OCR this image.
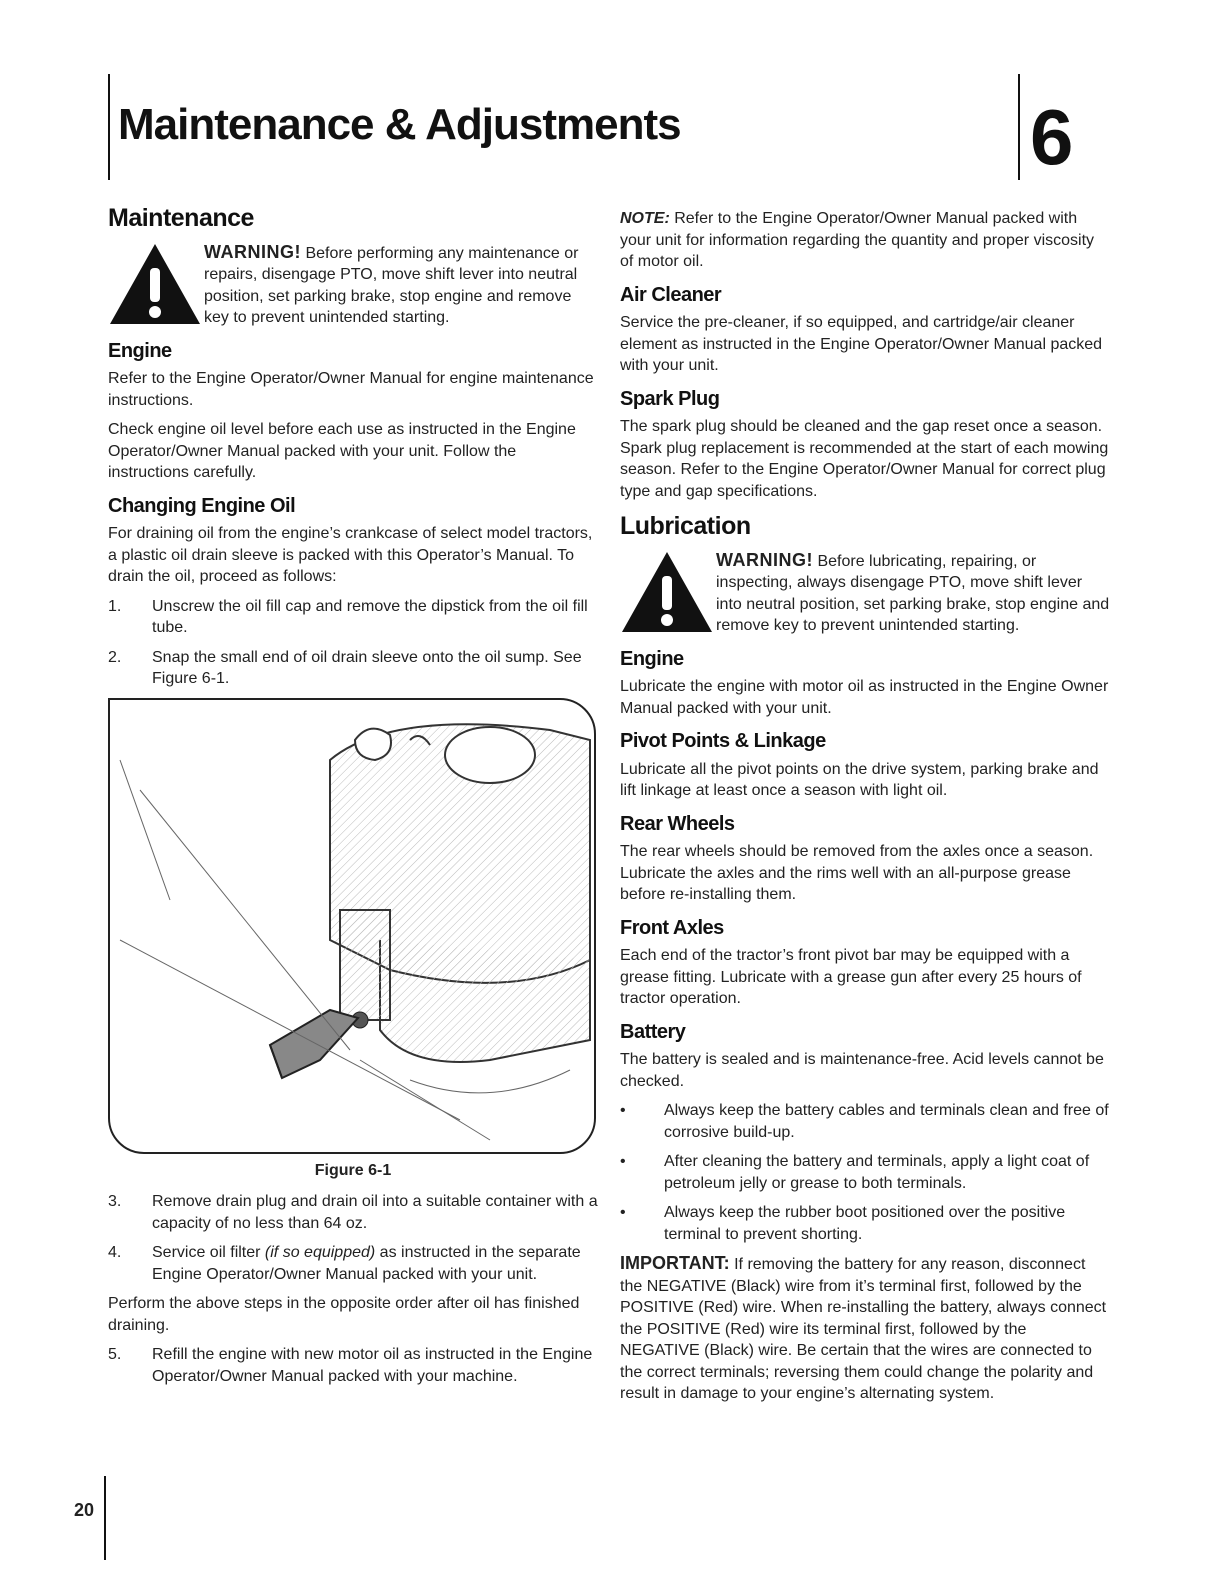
Maintenance & Adjustments	6
Maintenance
WARNING! Before performing any maintenance or repairs, disengage PTO, move shift lever into neutral position, set parking brake, stop engine and remove key to prevent unintended starting.
Engine

Refer to the Engine Operator/Owner Manual for engine maintenance instructions.

Check engine oil level before each use as instructed in the Engine Operator/Owner Manual packed with your unit. Follow the instructions carefully.

Changing Engine Oil

For draining oil from the engine’s crankcase of select model tractors, a plastic oil drain sleeve is packed with this Operator’s Manual. To drain the oil, proceed as follows:

1.	Unscrew the oil fill cap and remove the dipstick from the oil fill tube.
2.	Snap the small end of oil drain sleeve onto the oil sump. See Figure 6-1.
Figure 6-1
3.	Remove drain plug and drain oil into a suitable container with a capacity of no less than 64 oz.
4.	Service oil filter (if so equipped) as instructed in the separate Engine Operator/Owner Manual packed with your unit.

Perform the above steps in the opposite order after oil has finished draining.

5.	Refill the engine with new motor oil as instructed in the Engine Operator/Owner Manual packed with your machine.

NOTE: Refer to the Engine Operator/Owner Manual packed with your unit for information regarding the quantity and proper viscosity of motor oil.

Air Cleaner

Service the pre-cleaner, if so equipped, and cartridge/air cleaner element as instructed in the Engine Operator/Owner Manual packed with your unit.

Spark Plug

The spark plug should be cleaned and the gap reset once a season. Spark plug replacement is recommended at the start of each mowing season. Refer to the Engine Operator/Owner Manual for correct plug type and gap specifications.

Lubrication
WARNING! Before lubricating, repairing, or inspecting, always disengage PTO, move shift lever into neutral position, set parking brake, stop engine and remove key to prevent unintended starting.
Engine

Lubricate the engine with motor oil as instructed in the Engine Owner Manual packed with your unit.

Pivot Points & Linkage

Lubricate all the pivot points on the drive system, parking brake and lift linkage at least once a season with light oil.

Rear Wheels

The rear wheels should be removed from the axles once a season. Lubricate the axles and the rims well with an all-purpose grease before re-installing them.

Front Axles

Each end of the tractor’s front pivot bar may be equipped with a grease fitting. Lubricate with a grease gun after every 25 hours of tractor operation.

Battery

The battery is sealed and is maintenance-free. Acid levels cannot be checked.

•	Always keep the battery cables and terminals clean and free of corrosive build-up.
•	After cleaning the battery and terminals, apply a light coat of petroleum jelly or grease to both terminals.
•	Always keep the rubber boot positioned over the positive terminal to prevent shorting.

IMPORTANT: If removing the battery for any reason, disconnect the NEGATIVE (Black) wire from it’s terminal first, followed by the POSITIVE (Red) wire. When re-installing the battery, always connect the POSITIVE (Red) wire its terminal first, followed by the NEGATIVE (Black) wire. Be certain that the wires are connected to the correct terminals; reversing them could change the polarity and result in damage to your engine’s alternating system.

20
